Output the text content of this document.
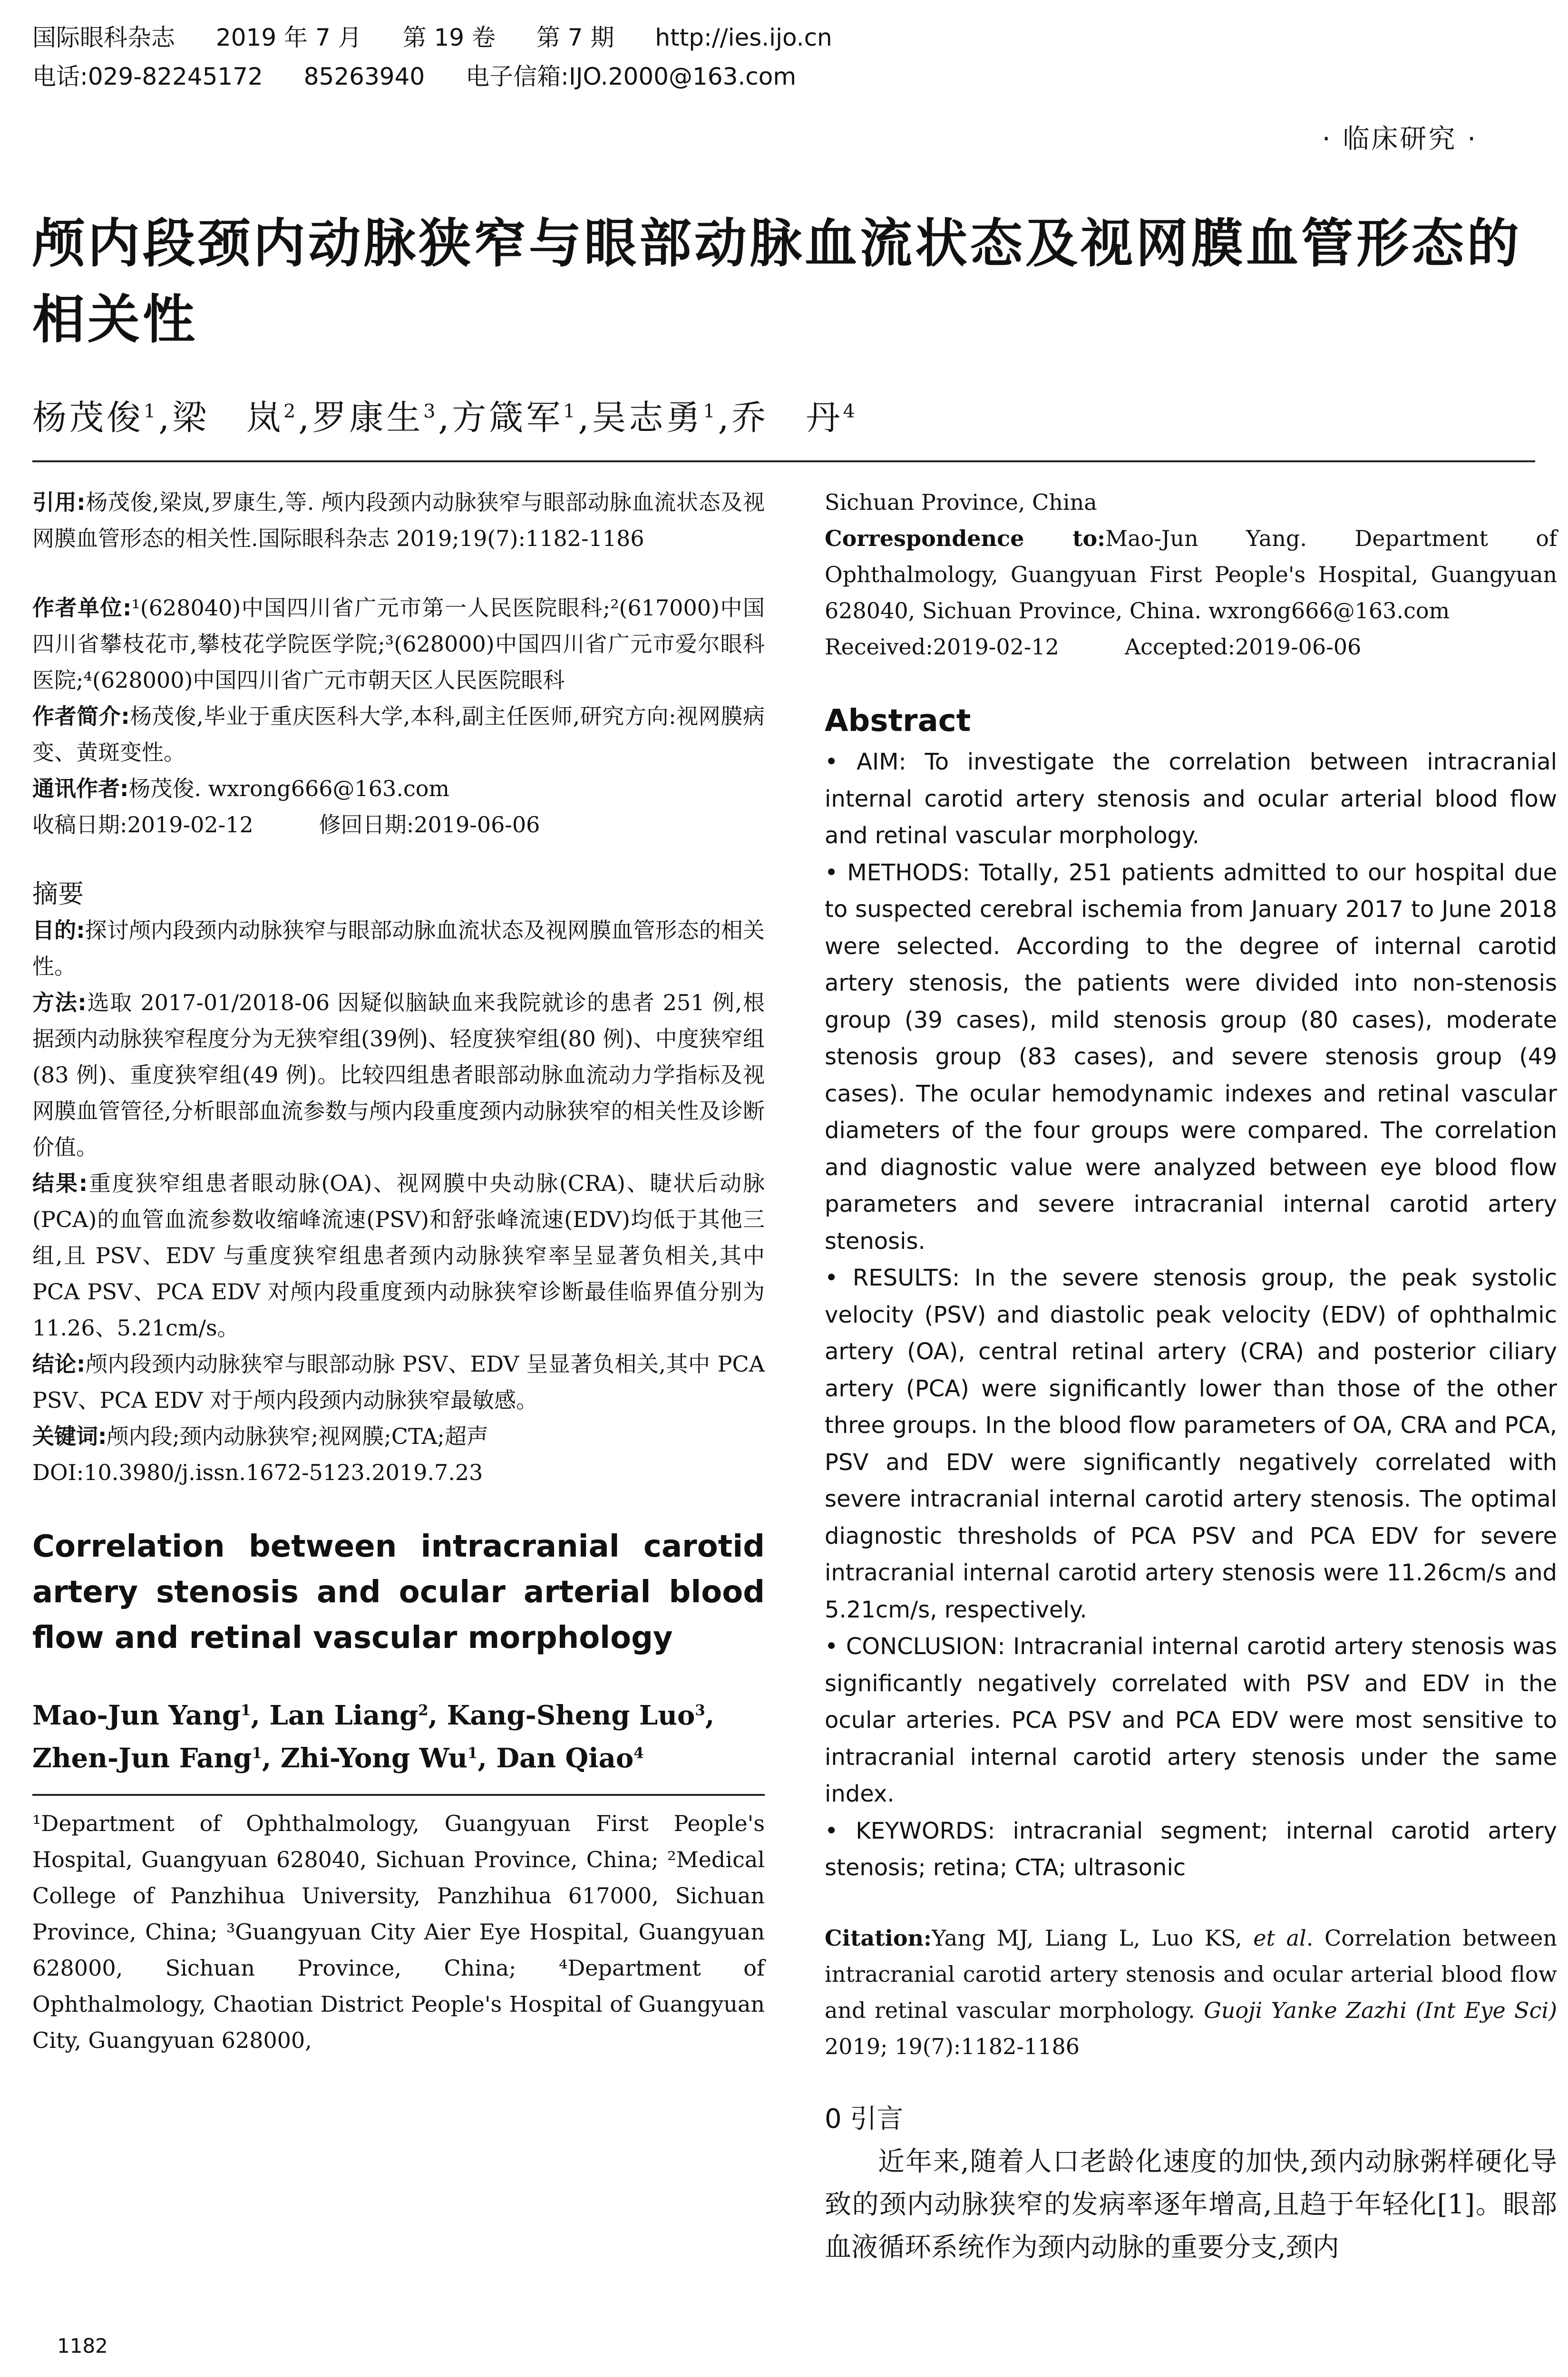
国际眼科杂志 2019 年 7 月 第 19 卷 第 7 期 http://ies.ijo.cn
电话:029-82245172 85263940 电子信箱:IJO.2000@163.com
· 临床研究 ·
颅内段颈内动脉狭窄与眼部动脉血流状态及视网膜血管形态的相关性
杨茂俊$^1$,梁　岚$^2$,罗康生$^3$,方箴军$^1$,吴志勇$^1$,乔　丹$^4$

引用:杨茂俊,梁岚,罗康生,等. 颅内段颈内动脉狭窄与眼部动脉血流状态及视网膜血管形态的相关性.国际眼科杂志 2019;19(7):1182-1186

作者单位:¹(628040)中国四川省广元市第一人民医院眼科;²(617000)中国四川省攀枝花市,攀枝花学院医学院;³(628000)中国四川省广元市爱尔眼科医院;⁴(628000)中国四川省广元市朝天区人民医院眼科

作者简介:杨茂俊,毕业于重庆医科大学,本科,副主任医师,研究方向:视网膜病变、黄斑变性。

通讯作者:杨茂俊. wxrong666@163.com

收稿日期:2019-02-12　　　修回日期:2019-06-06

摘要

目的:探讨颅内段颈内动脉狭窄与眼部动脉血流状态及视网膜血管形态的相关性。

方法:选取 2017-01/2018-06 因疑似脑缺血来我院就诊的患者 251 例,根据颈内动脉狭窄程度分为无狭窄组(39例)、轻度狭窄组(80 例)、中度狭窄组(83 例)、重度狭窄组(49 例)。比较四组患者眼部动脉血流动力学指标及视网膜血管管径,分析眼部血流参数与颅内段重度颈内动脉狭窄的相关性及诊断价值。

结果:重度狭窄组患者眼动脉(OA)、视网膜中央动脉(CRA)、睫状后动脉(PCA)的血管血流参数收缩峰流速(PSV)和舒张峰流速(EDV)均低于其他三组,且 PSV、EDV 与重度狭窄组患者颈内动脉狭窄率呈显著负相关,其中 PCA PSV、PCA EDV 对颅内段重度颈内动脉狭窄诊断最佳临界值分别为 11.26、5.21cm/s。

结论:颅内段颈内动脉狭窄与眼部动脉 PSV、EDV 呈显著负相关,其中 PCA PSV、PCA EDV 对于颅内段颈内动脉狭窄最敏感。

关键词:颅内段;颈内动脉狭窄;视网膜;CTA;超声

DOI:10.3980/j.issn.1672-5123.2019.7.23

Correlation between intracranial carotid artery stenosis and ocular arterial blood flow and retinal vascular morphology

Mao-Jun Yang$^1$, Lan Liang$^2$, Kang-Sheng Luo$^3$, Zhen-Jun Fang$^1$, Zhi-Yong Wu$^1$, Dan Qiao$^4$

¹Department of Ophthalmology, Guangyuan First People's Hospital, Guangyuan 628040, Sichuan Province, China; ²Medical College of Panzhihua University, Panzhihua 617000, Sichuan Province, China; ³Guangyuan City Aier Eye Hospital, Guangyuan 628000, Sichuan Province, China; ⁴Department of Ophthalmology, Chaotian District People's Hospital of Guangyuan City, Guangyuan 628000,

Sichuan Province, China

Correspondence to:Mao-Jun Yang. Department of Ophthalmology, Guangyuan First People's Hospital, Guangyuan 628040, Sichuan Province, China. wxrong666@163.com

Received:2019-02-12　　　	Accepted:2019-06-06

Abstract

• AIM: To investigate the correlation between intracranial internal carotid artery stenosis and ocular arterial blood flow and retinal vascular morphology.

• METHODS: Totally, 251 patients admitted to our hospital due to suspected cerebral ischemia from January 2017 to June 2018 were selected. According to the degree of internal carotid artery stenosis, the patients were divided into non-stenosis group (39 cases), mild stenosis group (80 cases), moderate stenosis group (83 cases), and severe stenosis group (49 cases). The ocular hemodynamic indexes and retinal vascular diameters of the four groups were compared. The correlation and diagnostic value were analyzed between eye blood flow parameters and severe intracranial internal carotid artery stenosis.

• RESULTS: In the severe stenosis group, the peak systolic velocity (PSV) and diastolic peak velocity (EDV) of ophthalmic artery (OA), central retinal artery (CRA) and posterior ciliary artery (PCA) were significantly lower than those of the other three groups. In the blood flow parameters of OA, CRA and PCA, PSV and EDV were significantly negatively correlated with severe intracranial internal carotid artery stenosis. The optimal diagnostic thresholds of PCA PSV and PCA EDV for severe intracranial internal carotid artery stenosis were 11.26cm/s and 5.21cm/s, respectively.

• CONCLUSION: Intracranial internal carotid artery stenosis was significantly negatively correlated with PSV and EDV in the ocular arteries. PCA PSV and PCA EDV were most sensitive to intracranial internal carotid artery stenosis under the same index.

• KEYWORDS: intracranial segment; internal carotid artery stenosis; retina; CTA; ultrasonic

Citation:Yang MJ, Liang L, Luo KS, et al. Correlation between intracranial carotid artery stenosis and ocular arterial blood flow and retinal vascular morphology. Guoji Yanke Zazhi (Int Eye Sci) 2019; 19(7):1182-1186

0 引言

近年来,随着人口老龄化速度的加快,颈内动脉粥样硬化导致的颈内动脉狭窄的发病率逐年增高,且趋于年轻化[1]。眼部血液循环系统作为颈内动脉的重要分支,颈内

1182
